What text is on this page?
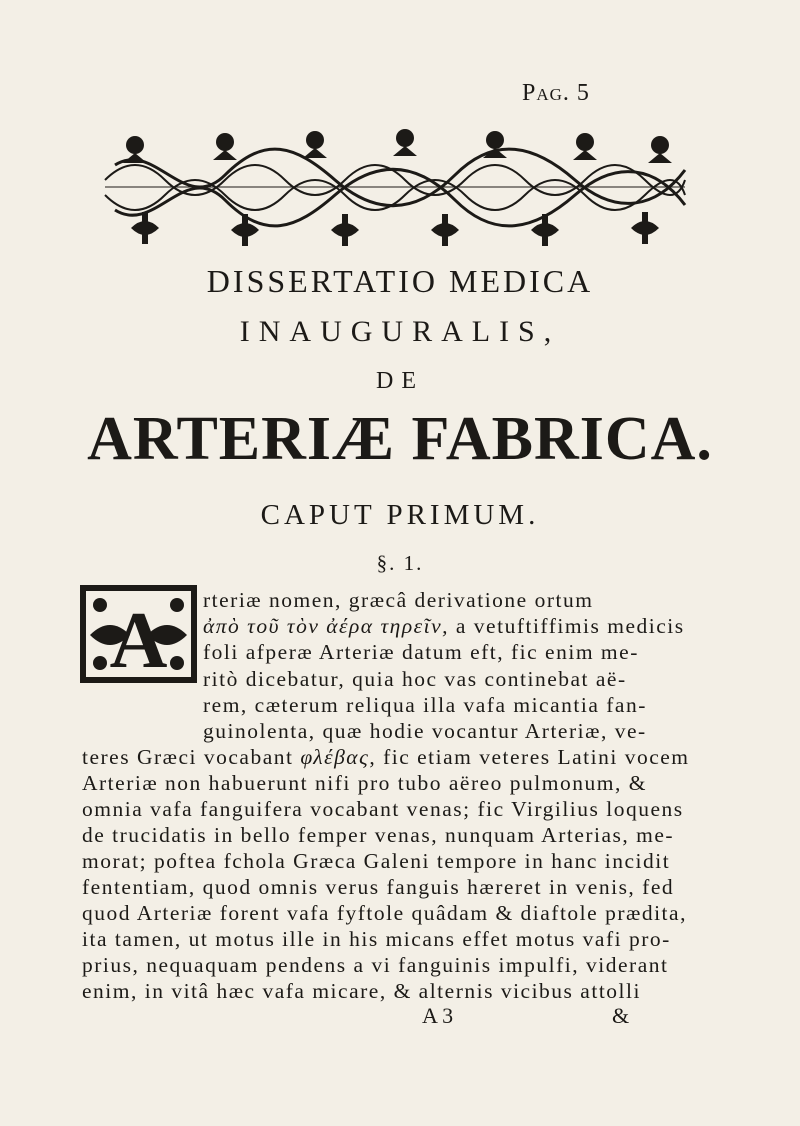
Pag. 5
DISSERTATIO MEDICA
INAUGURALIS,
DE
ARTERIÆ FABRICA.
CAPUT PRIMUM.
§. 1.
A rteriæ nomen, græcâ derivatione ortum
ἀπὸ τοῦ τὸν ἀέρα τηρεῖν, a vetuftiffimis medicis
foli afperæ Arteriæ datum eft, fic enim me-
ritò dicebatur, quia hoc vas continebat aë-
rem, cæterum reliqua illa vafa micantia fan-
guinolenta, quæ hodie vocantur Arteriæ, ve-
teres Græci vocabant φλέβας, fic etiam veteres Latini vocem
Arteriæ non habuerunt nifi pro tubo aëreo pulmonum, &
omnia vafa fanguifera vocabant venas; fic Virgilius loquens
de trucidatis in bello femper venas, nunquam Arterias, me-
morat; poftea fchola Græca Galeni tempore in hanc incidit
fententiam, quod omnis verus fanguis hæreret in venis, fed
quod Arteriæ forent vafa fyftole quâdam & diaftole prædita,
ita tamen, ut motus ille in his micans effet motus vafi pro-
prius, nequaquam pendens a vi fanguinis impulfi, viderant
enim, in vitâ hæc vafa micare, & alternis vicibus attolli
A 3	&
